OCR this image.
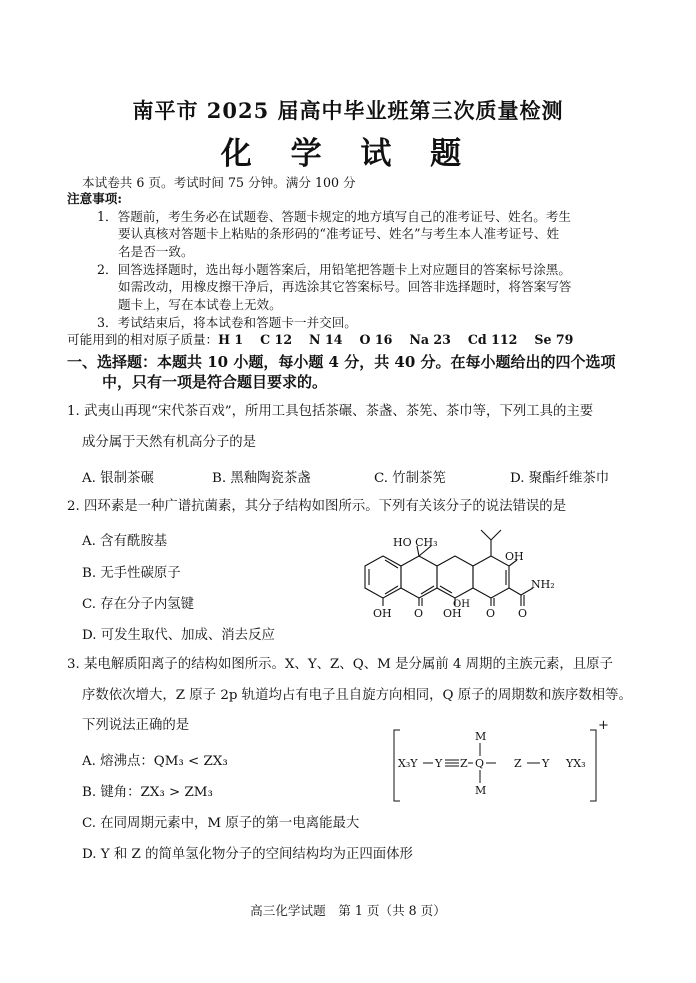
南平市 2025 届高中毕业班第三次质量检测
化 学 试 题
本试卷共 6 页。考试时间 75 分钟。满分 100 分
注意事项:
1．答题前，考生务必在试题卷、答题卡规定的地方填写自己的准考证号、姓名。考生
要认真核对答题卡上粘贴的条形码的“准考证号、姓名”与考生本人准考证号、姓
名是否一致。
2．回答选择题时，选出每小题答案后，用铅笔把答题卡上对应题目的答案标号涂黑。
如需改动，用橡皮擦干净后，再选涂其它答案标号。回答非选择题时，将答案写答
题卡上，写在本试卷上无效。
3．考试结束后，将本试卷和答题卡一并交回。
可能用到的相对原子质量：H 1　 C 12　 N 14　 O 16　 Na 23　 Cd 112　 Se 79
一、选择题：本题共 10 小题，每小题 4 分，共 40 分。在每小题给出的四个选项
中，只有一项是符合题目要求的。
1. 武夷山再现“宋代茶百戏”，所用工具包括茶碾、茶盏、茶筅、茶巾等，下列工具的主要
成分属于天然有机高分子的是
A. 银制茶碾	B. 黑釉陶瓷茶盏	C. 竹制茶筅	D. 聚酯纤维茶巾
2. 四环素是一种广谱抗菌素，其分子结构如图所示。下列有关该分子的说法错误的是
A. 含有酰胺基
B. 无手性碳原子
C. 存在分子内氢键
D. 可发生取代、加成、消去反应
HO CH₃
OH
NH₂
OH O OH
OH
O O
3. 某电解质阳离子的结构如图所示。X、Y、Z、Q、M 是分属前 4 周期的主族元素，且原子
序数依次增大，Z 原子 2p 轨道均占有电子且自旋方向相同，Q 原子的周期数和族序数相等。
下列说法正确的是
A. 熔沸点：QM₃ < ZX₃
B. 键角：ZX₃ > ZM₃
C. 在同周期元素中，M 原子的第一电离能最大
D. Y 和 Z 的简单氢化物分子的空间结构均为正四面体形
X₃Y Y Z Q
M
M
Z Y YX₃
+
高三化学试题　第 1 页（共 8 页）
